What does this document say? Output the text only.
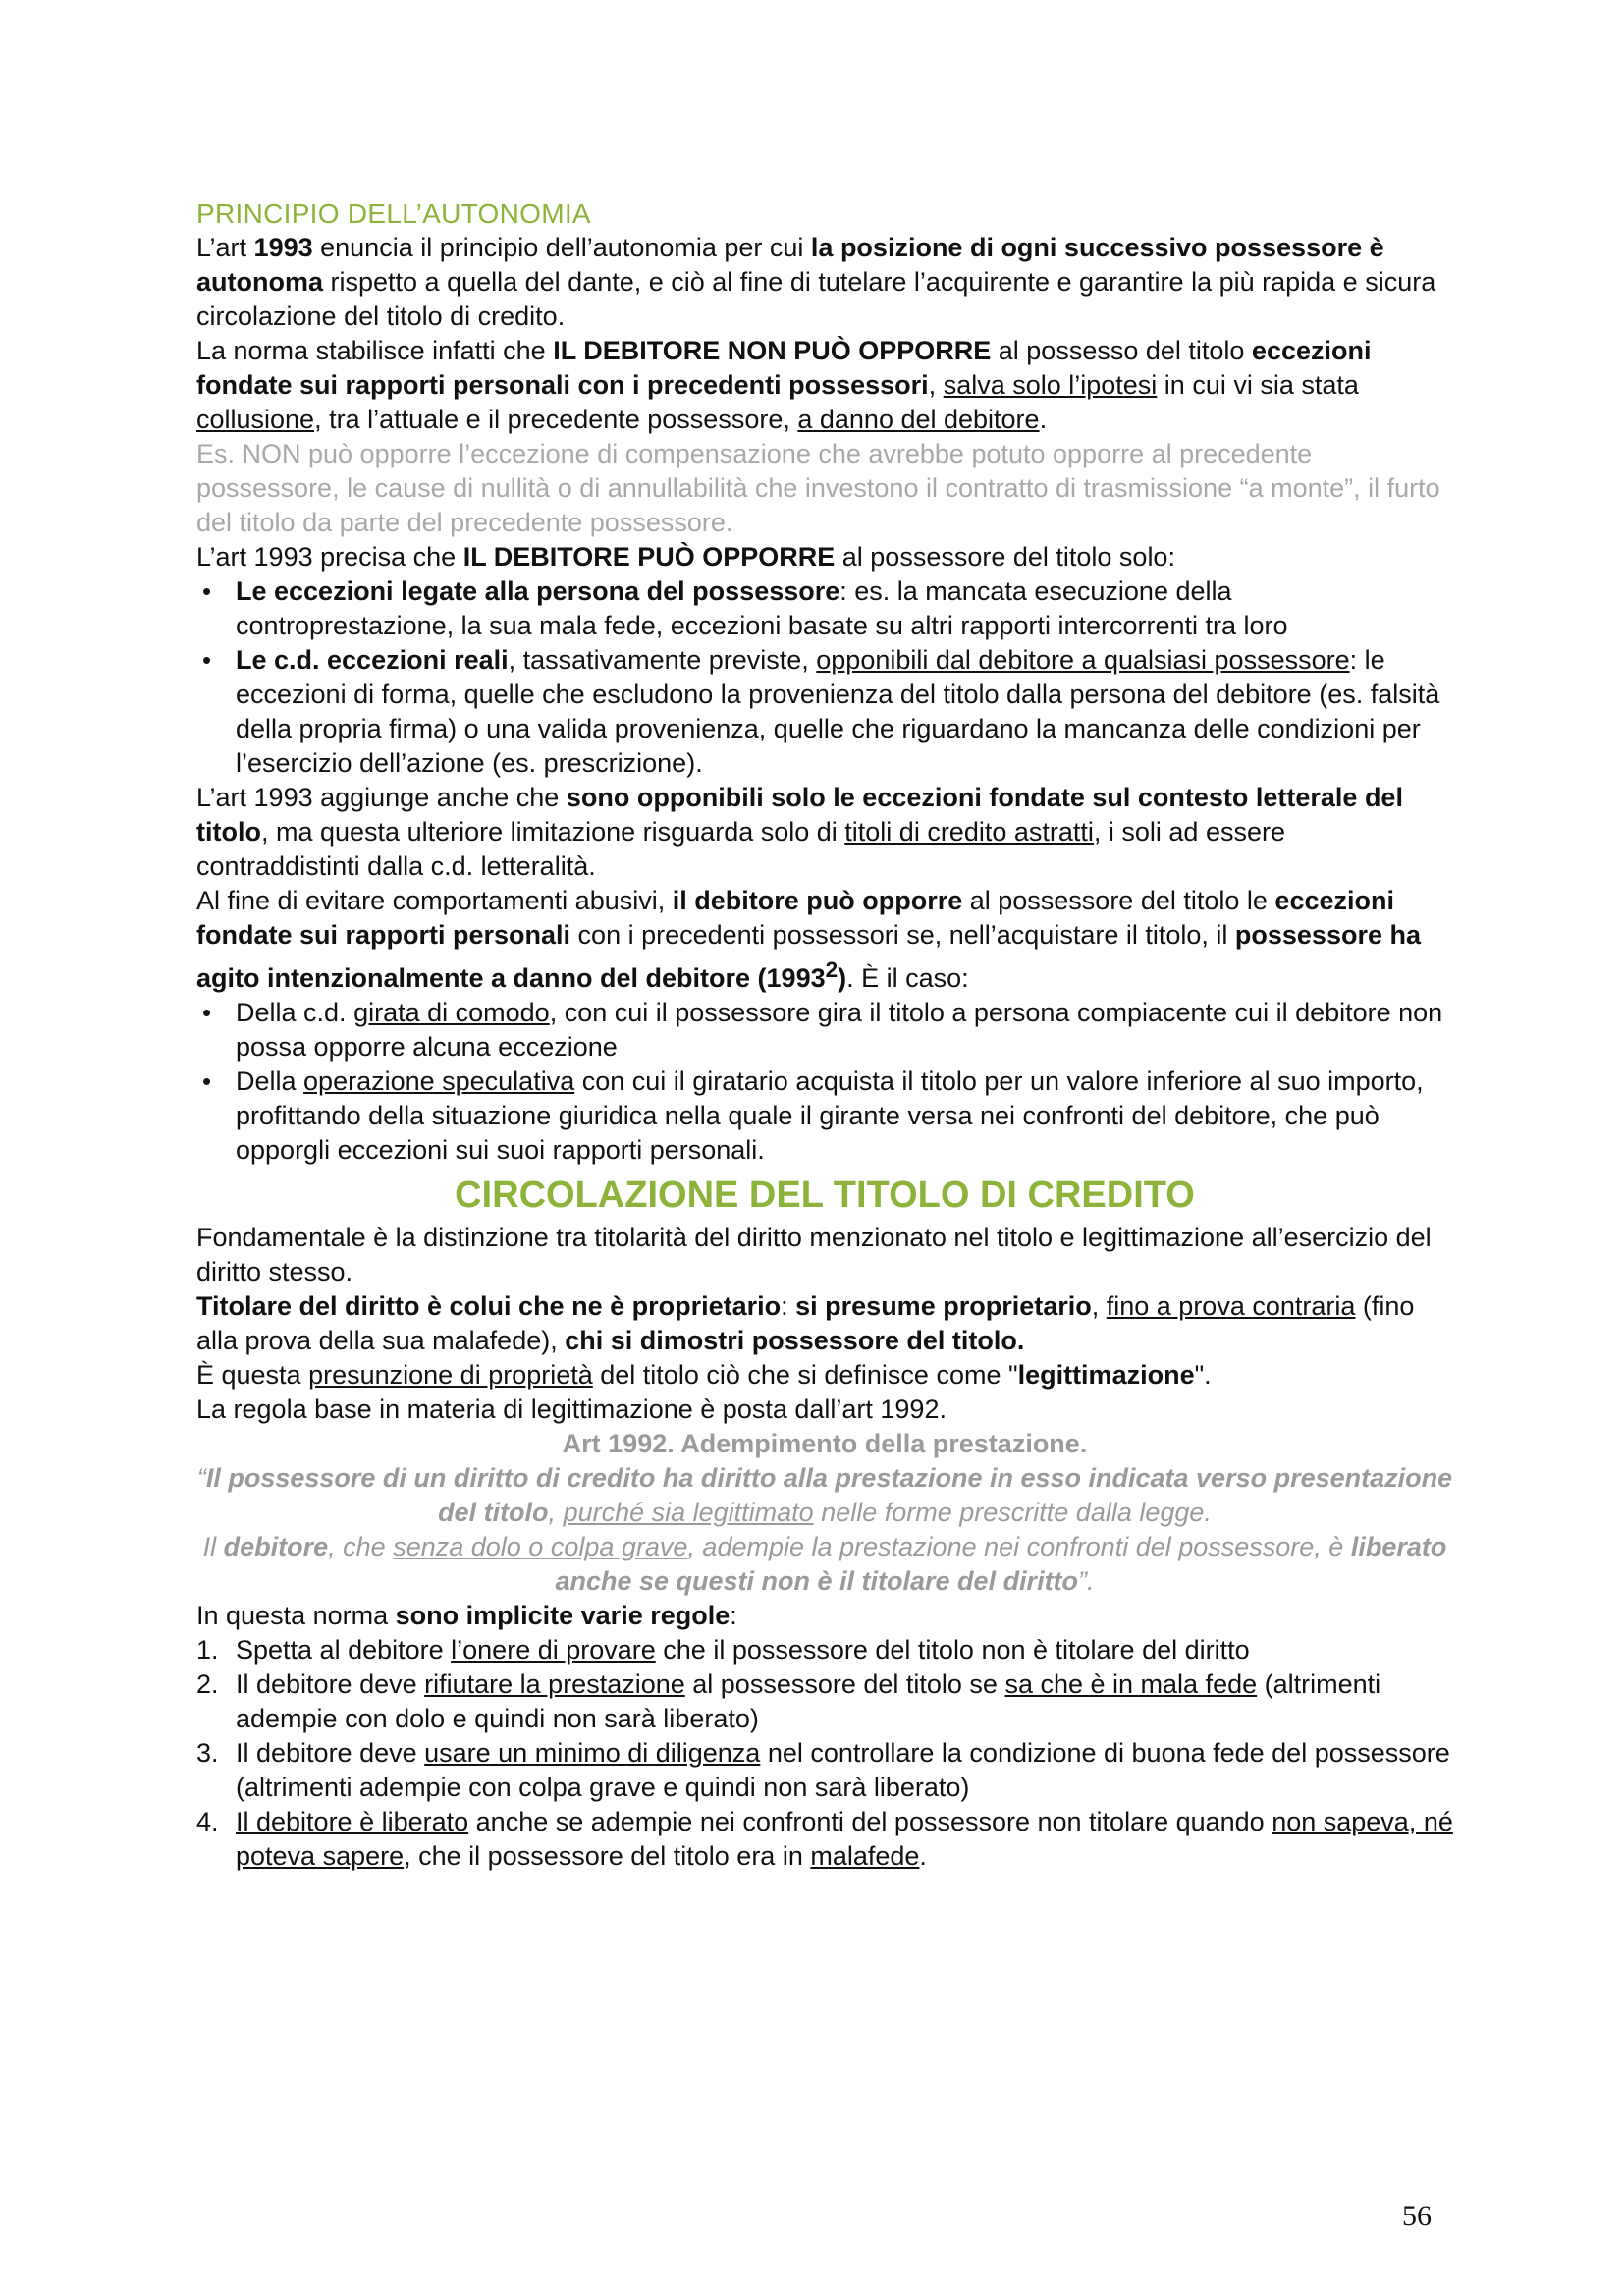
PRINCIPIO DELL’AUTONOMIA

L’art 1993 enuncia il principio dell’autonomia per cui la posizione di ogni successivo possessore è autonoma rispetto a quella del dante, e ciò al fine di tutelare l’acquirente e garantire la più rapida e sicura circolazione del titolo di credito.

La norma stabilisce infatti che IL DEBITORE NON PUÒ OPPORRE al possesso del titolo eccezioni fondate sui rapporti personali con i precedenti possessori, salva solo l’ipotesi in cui vi sia stata collusione, tra l’attuale e il precedente possessore, a danno del debitore.

Es. NON può opporre l’eccezione di compensazione che avrebbe potuto opporre al precedente possessore, le cause di nullità o di annullabilità che investono il contratto di trasmissione “a monte”, il furto del titolo da parte del precedente possessore.

L’art 1993 precisa che IL DEBITORE PUÒ OPPORRE al possessore del titolo solo:

• Le eccezioni legate alla persona del possessore: es. la mancata esecuzione della controprestazione, la sua mala fede, eccezioni basate su altri rapporti intercorrenti tra loro
• Le c.d. eccezioni reali, tassativamente previste, opponibili dal debitore a qualsiasi possessore: le eccezioni di forma, quelle che escludono la provenienza del titolo dalla persona del debitore (es. falsità della propria firma) o una valida provenienza, quelle che riguardano la mancanza delle condizioni per l’esercizio dell’azione (es. prescrizione).

L’art 1993 aggiunge anche che sono opponibili solo le eccezioni fondate sul contesto letterale del titolo, ma questa ulteriore limitazione risguarda solo di titoli di credito astratti, i soli ad essere contraddistinti dalla c.d. letteralità.

Al fine di evitare comportamenti abusivi, il debitore può opporre al possessore del titolo le eccezioni fondate sui rapporti personali con i precedenti possessori se, nell’acquistare il titolo, il possessore ha agito intenzionalmente a danno del debitore (1993$^2$). È il caso:

• Della c.d. girata di comodo, con cui il possessore gira il titolo a persona compiacente cui il debitore non possa opporre alcuna eccezione
• Della operazione speculativa con cui il giratario acquista il titolo per un valore inferiore al suo importo, profittando della situazione giuridica nella quale il girante versa nei confronti del debitore, che può opporgli eccezioni sui suoi rapporti personali.
CIRCOLAZIONE DEL TITOLO DI CREDITO

Fondamentale è la distinzione tra titolarità del diritto menzionato nel titolo e legittimazione all’esercizio del diritto stesso.

Titolare del diritto è colui che ne è proprietario: si presume proprietario, fino a prova contraria (fino alla prova della sua malafede), chi si dimostri possessore del titolo.

È questa presunzione di proprietà del titolo ciò che si definisce come "legittimazione".

La regola base in materia di legittimazione è posta dall’art 1992.

Art 1992. Adempimento della prestazione.

“Il possessore di un diritto di credito ha diritto alla prestazione in esso indicata verso presentazione del titolo, purché sia legittimato nelle forme prescritte dalla legge.

Il debitore, che senza dolo o colpa grave, adempie la prestazione nei confronti del possessore, è liberato anche se questi non è il titolare del diritto”.

In questa norma sono implicite varie regole:

1. Spetta al debitore l’onere di provare che il possessore del titolo non è titolare del diritto
2. Il debitore deve rifiutare la prestazione al possessore del titolo se sa che è in mala fede (altrimenti adempie con dolo e quindi non sarà liberato)
3. Il debitore deve usare un minimo di diligenza nel controllare la condizione di buona fede del possessore (altrimenti adempie con colpa grave e quindi non sarà liberato)
4. Il debitore è liberato anche se adempie nei confronti del possessore non titolare quando non sapeva, né poteva sapere, che il possessore del titolo era in malafede.
56
